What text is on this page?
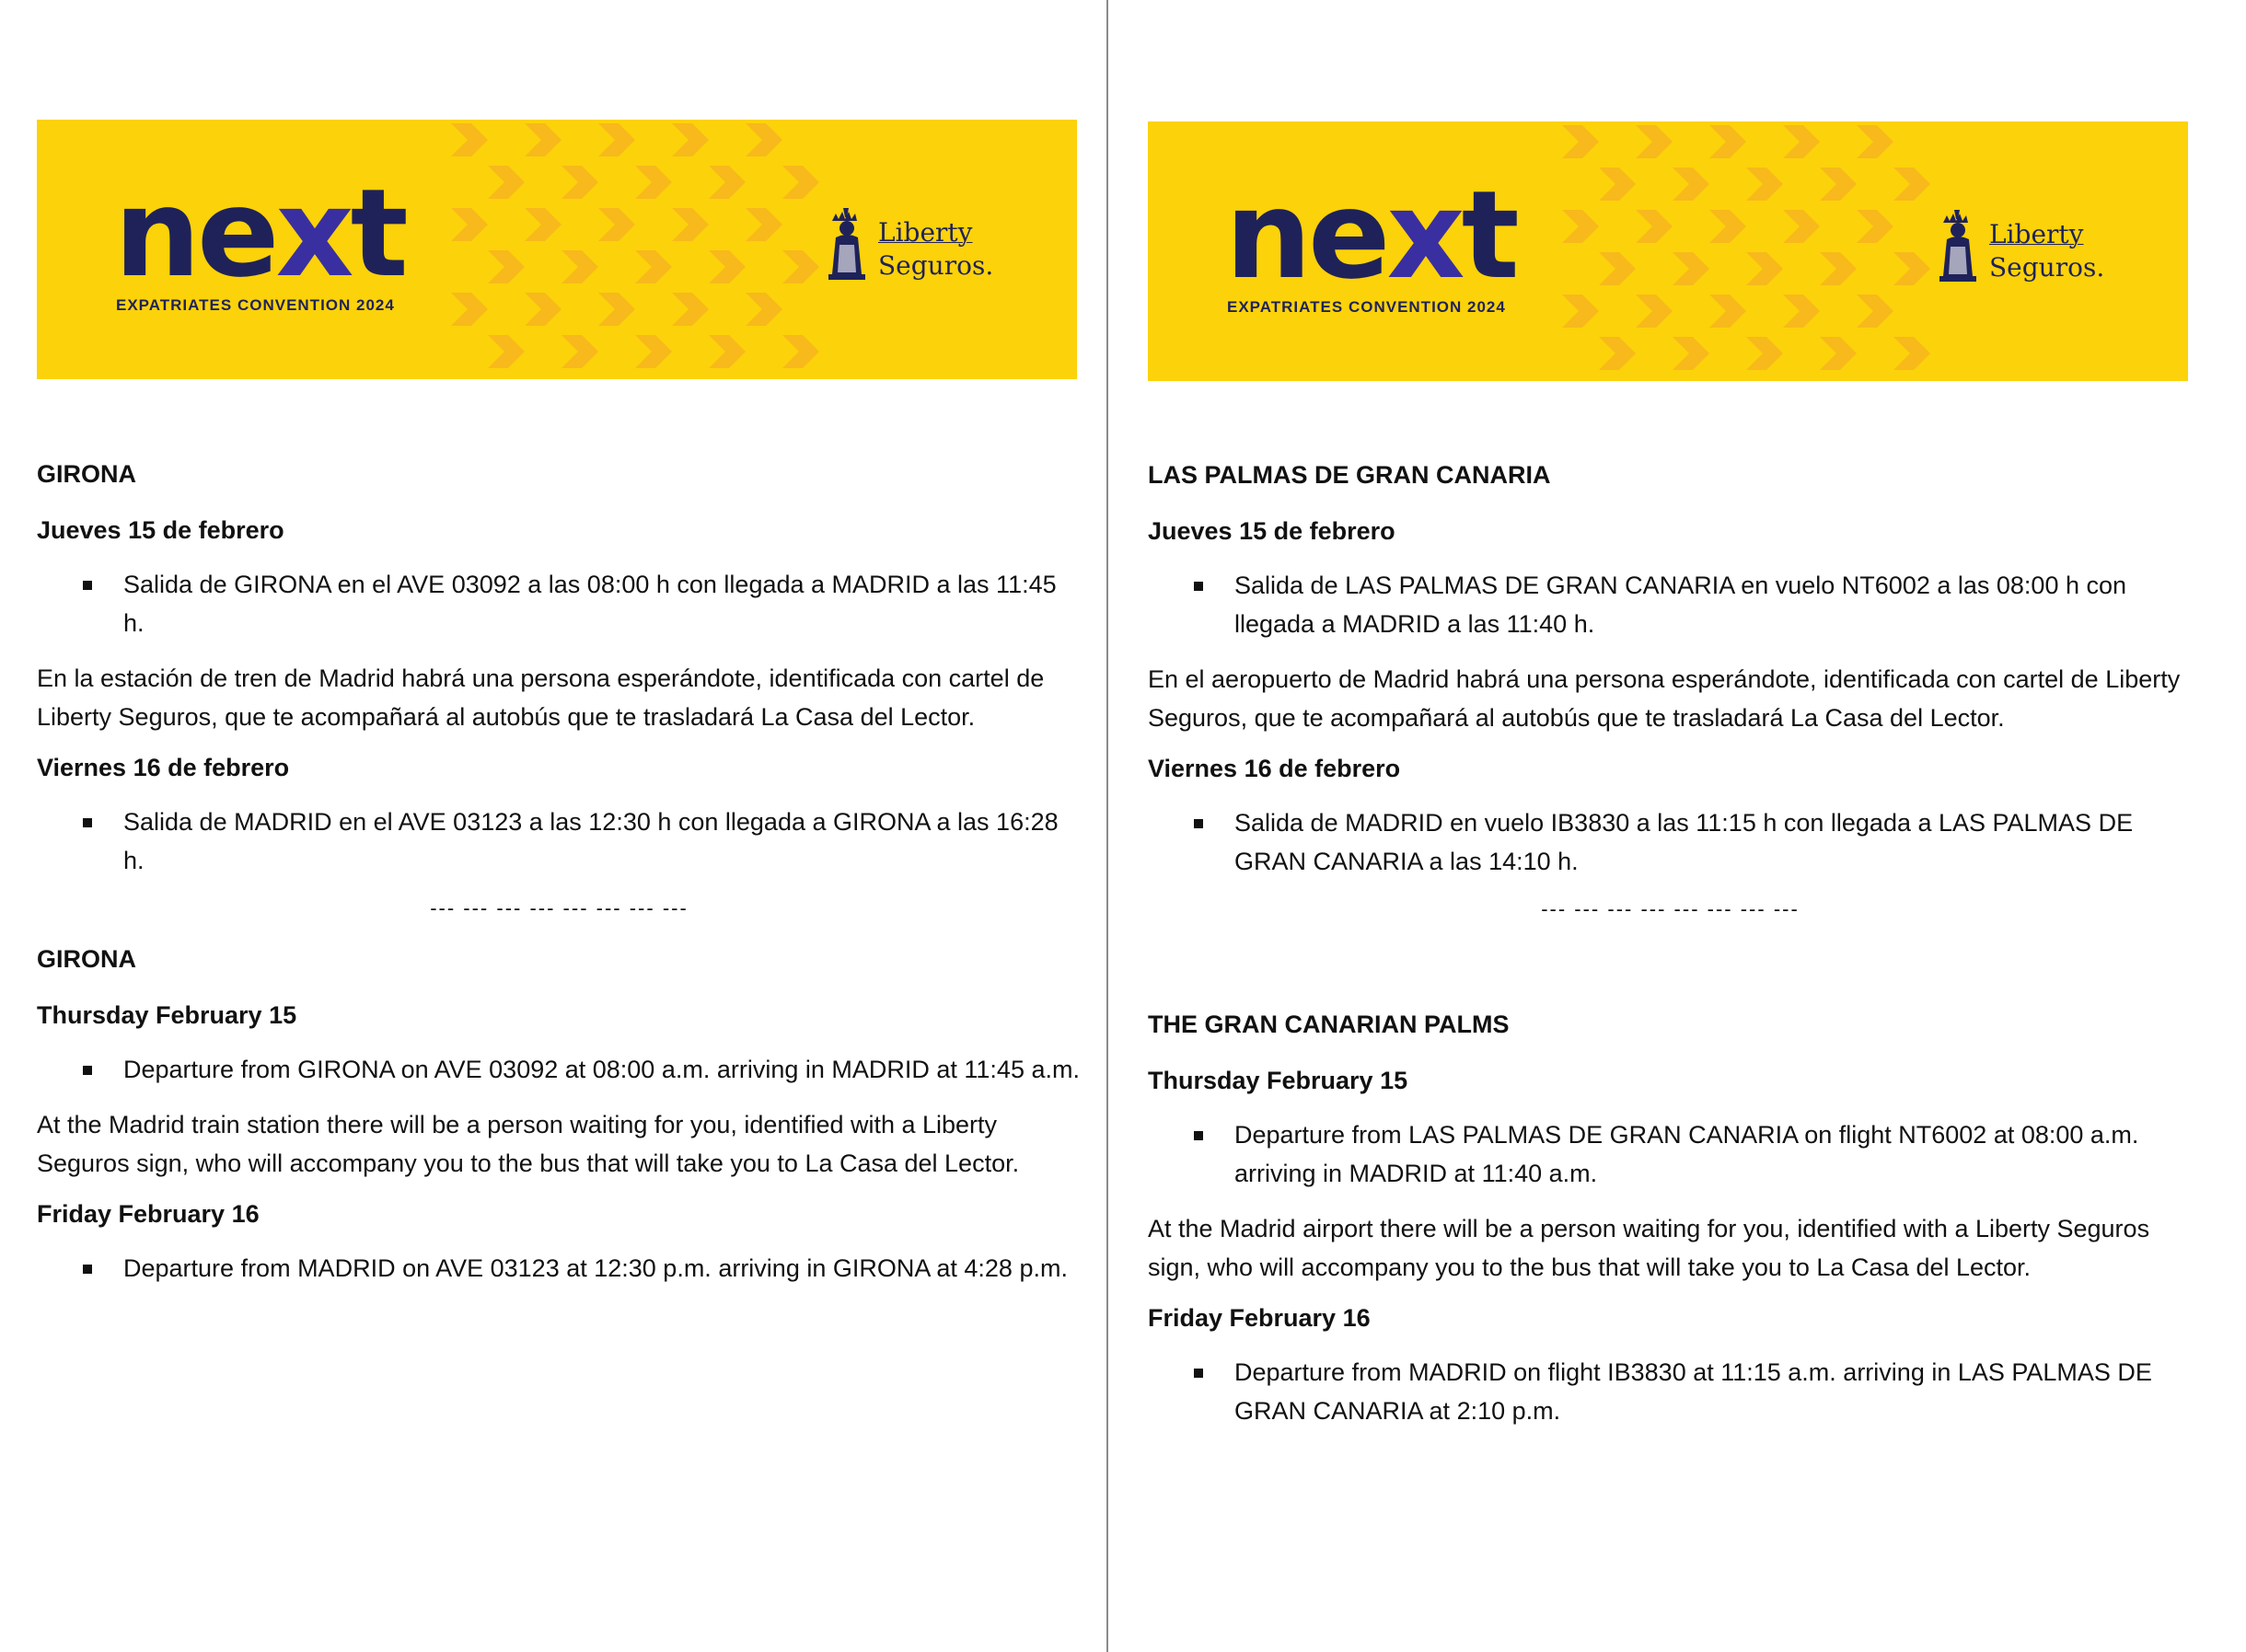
next
EXPATRIATES CONVENTION 2024
Liberty
Seguros.
GIRONA
Jueves 15 de febrero
Salida de GIRONA en el AVE 03092 a las 08:00 h con llegada a MADRID a las 11:45 h.
En la estación de tren de Madrid habrá una persona esperándote, identificada con cartel de Liberty Seguros, que te acompañará al autobús que te trasladará La Casa del Lector.
Viernes 16 de febrero
Salida de MADRID en el AVE 03123 a las 12:30 h con llegada a GIRONA a las 16:28 h.
--- --- --- --- --- --- --- ---
GIRONA
Thursday February 15
Departure from GIRONA on AVE 03092 at 08:00 a.m. arriving in MADRID at 11:45 a.m.
At the Madrid train station there will be a person waiting for you, identified with a Liberty Seguros sign, who will accompany you to the bus that will take you to La Casa del Lector.
Friday February 16
Departure from MADRID on AVE 03123 at 12:30 p.m. arriving in GIRONA at 4:28 p.m.
next
EXPATRIATES CONVENTION 2024
Liberty
Seguros.
LAS PALMAS DE GRAN CANARIA
Jueves 15 de febrero
Salida de LAS PALMAS DE GRAN CANARIA en vuelo NT6002 a las 08:00 h con llegada a MADRID a las 11:40 h.
En el aeropuerto de Madrid habrá una persona esperándote, identificada con cartel de Liberty Seguros, que te acompañará al autobús que te trasladará La Casa del Lector.
Viernes 16 de febrero
Salida de MADRID en vuelo IB3830 a las 11:15 h con llegada a LAS PALMAS DE GRAN CANARIA a las 14:10 h.
--- --- --- --- --- --- --- ---
THE GRAN CANARIAN PALMS
Thursday February 15
Departure from LAS PALMAS DE GRAN CANARIA on flight NT6002 at 08:00 a.m. arriving in MADRID at 11:40 a.m.
At the Madrid airport there will be a person waiting for you, identified with a Liberty Seguros sign, who will accompany you to the bus that will take you to La Casa del Lector.
Friday February 16
Departure from MADRID on flight IB3830 at 11:15 a.m. arriving in LAS PALMAS DE GRAN CANARIA at 2:10 p.m.
